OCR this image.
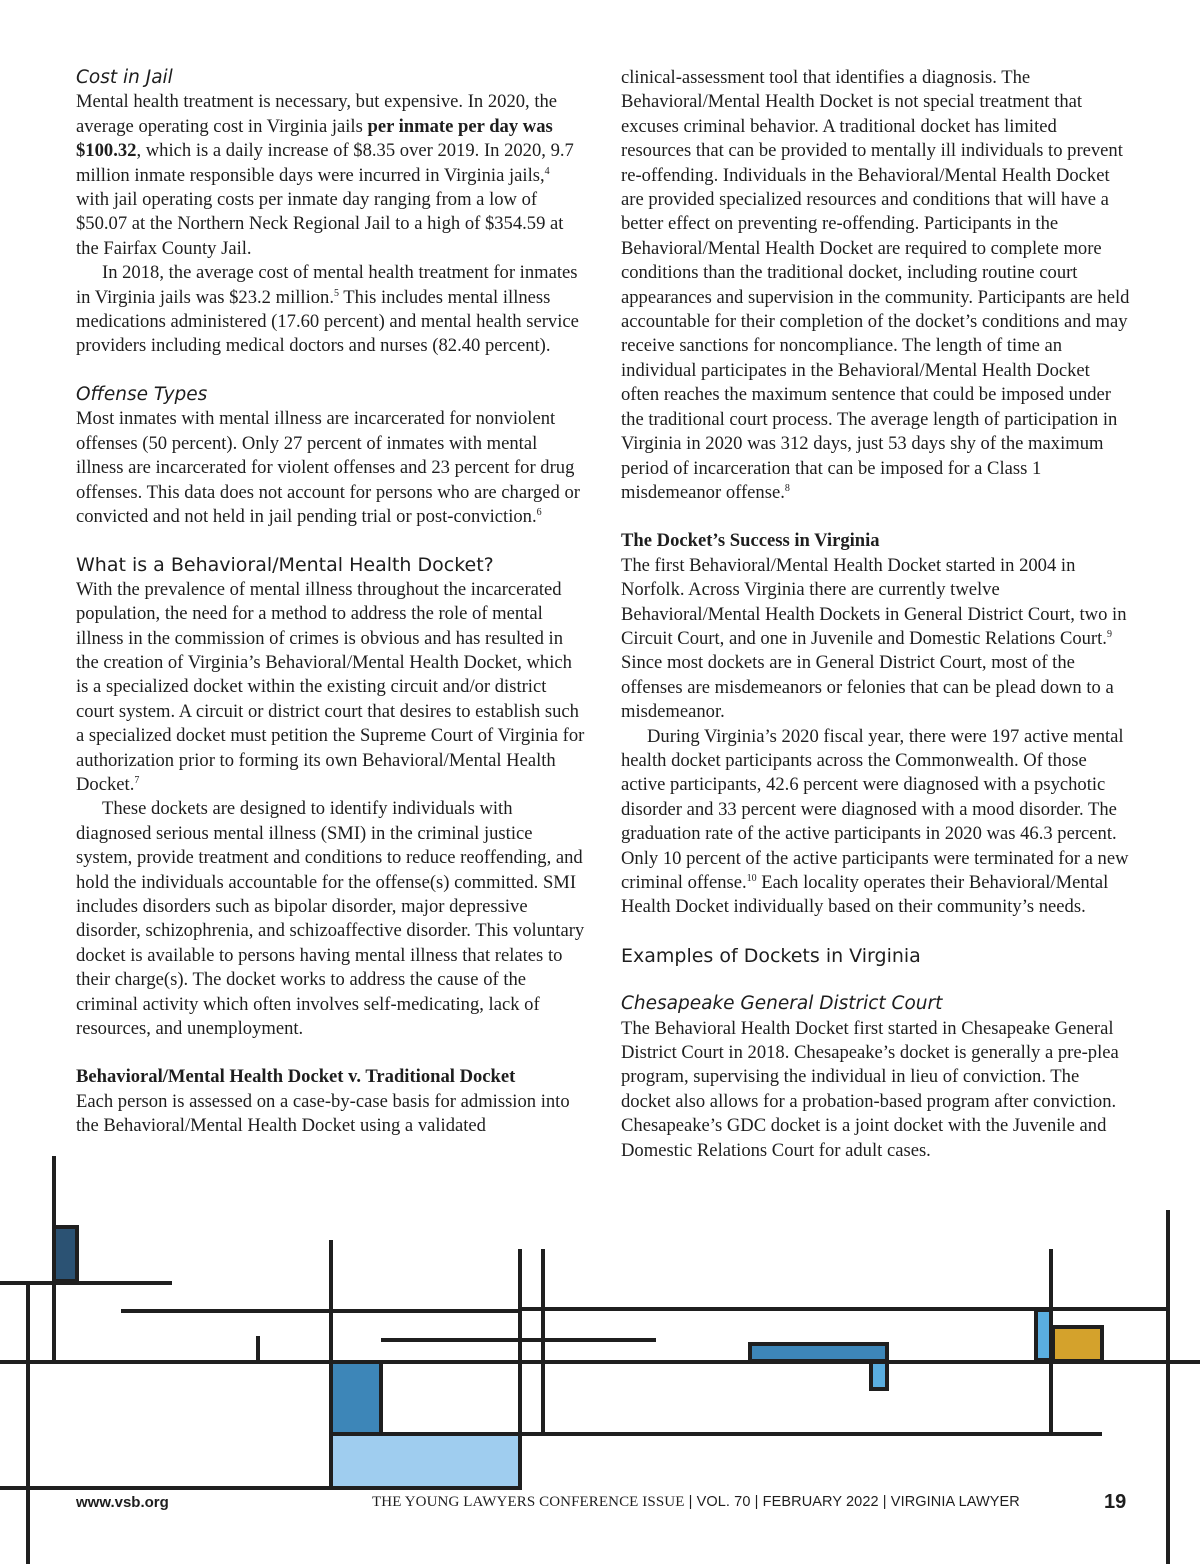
Cost in Jail

Mental health treatment is necessary, but expensive. In 2020, the average operating cost in Virginia jails per inmate per day was $100.32, which is a daily increase of $8.35 over 2019. In 2020, 9.7 million inmate responsible days were incurred in Virginia jails,$^4$ with jail operating costs per inmate day ranging from a low of $50.07 at the Northern Neck Regional Jail to a high of $354.59 at the Fairfax County Jail.

In 2018, the average cost of mental health treatment for inmates in Virginia jails was $23.2 million.$^5$ This includes mental illness medications administered (17.60 percent) and mental health service providers including medical doctors and nurses (82.40 percent).

Offense Types

Most inmates with mental illness are incarcerated for nonviolent offenses (50 percent). Only 27 percent of inmates with mental illness are incarcerated for violent offenses and 23 percent for drug offenses. This data does not account for persons who are charged or convicted and not held in jail pending trial or post-conviction.$^6$

What is a Behavioral/Mental Health Docket?

With the prevalence of mental illness throughout the incarcerated population, the need for a method to address the role of mental illness in the commission of crimes is obvious and has resulted in the creation of Virginia’s Behavioral/Mental Health Docket, which is a specialized docket within the existing circuit and/or district court system. A circuit or district court that desires to establish such a specialized docket must petition the Supreme Court of Virginia for authorization prior to forming its own Behavioral/Mental Health Docket.$^7$

These dockets are designed to identify individuals with diagnosed serious mental illness (SMI) in the criminal justice system, provide treatment and conditions to reduce reoffending, and hold the individuals accountable for the offense(s) committed. SMI includes disorders such as bipolar disorder, major depressive disorder, schizophrenia, and schizoaffective disorder. This voluntary docket is available to persons having mental illness that relates to their charge(s). The docket works to address the cause of the criminal activity which often involves self-medicating, lack of resources, and unemployment.

Behavioral/Mental Health Docket v. Traditional Docket

Each person is assessed on a case-by-case basis for admission into the Behavioral/Mental Health Docket using a validated

clinical-assessment tool that identifies a diagnosis. The Behavioral/Mental Health Docket is not special treatment that excuses criminal behavior. A traditional docket has limited resources that can be provided to mentally ill individuals to prevent re-offending. Individuals in the Behavioral/Mental Health Docket are provided specialized resources and conditions that will have a better effect on preventing re-offending. Participants in the Behavioral/Mental Health Docket are required to complete more conditions than the traditional docket, including routine court appearances and supervision in the community. Participants are held accountable for their completion of the docket’s conditions and may receive sanctions for noncompliance. The length of time an individual participates in the Behavioral/Mental Health Docket often reaches the maximum sentence that could be imposed under the traditional court process. The average length of participation in Virginia in 2020 was 312 days, just 53 days shy of the maximum period of incarceration that can be imposed for a Class 1 misdemeanor offense.$^8$

The Docket’s Success in Virginia

The first Behavioral/Mental Health Docket started in 2004 in Norfolk. Across Virginia there are currently twelve Behavioral/Mental Health Dockets in General District Court, two in Circuit Court, and one in Juvenile and Domestic Relations Court.$^9$ Since most dockets are in General District Court, most of the offenses are misdemeanors or felonies that can be plead down to a misdemeanor.

During Virginia’s 2020 fiscal year, there were 197 active mental health docket participants across the Commonwealth. Of those active participants, 42.6 percent were diagnosed with a psychotic disorder and 33 percent were diagnosed with a mood disorder. The graduation rate of the active participants in 2020 was 46.3 percent. Only 10 percent of the active participants were terminated for a new criminal offense.$^{10}$ Each locality operates their Behavioral/Mental Health Docket individually based on their community’s needs.

Examples of Dockets in Virginia
Chesapeake General District Court

The Behavioral Health Docket first started in Chesapeake General District Court in 2018. Chesapeake’s docket is generally a pre-plea program, supervising the individual in lieu of conviction. The docket also allows for a probation-based program after conviction. Chesapeake’s GDC docket is a joint docket with the Juvenile and Domestic Relations Court for adult cases.

www.vsb.org	THE YOUNG LAWYERS CONFERENCE ISSUE | VOL. 70 | FEBRUARY 2022 | VIRGINIA LAWYER	19
